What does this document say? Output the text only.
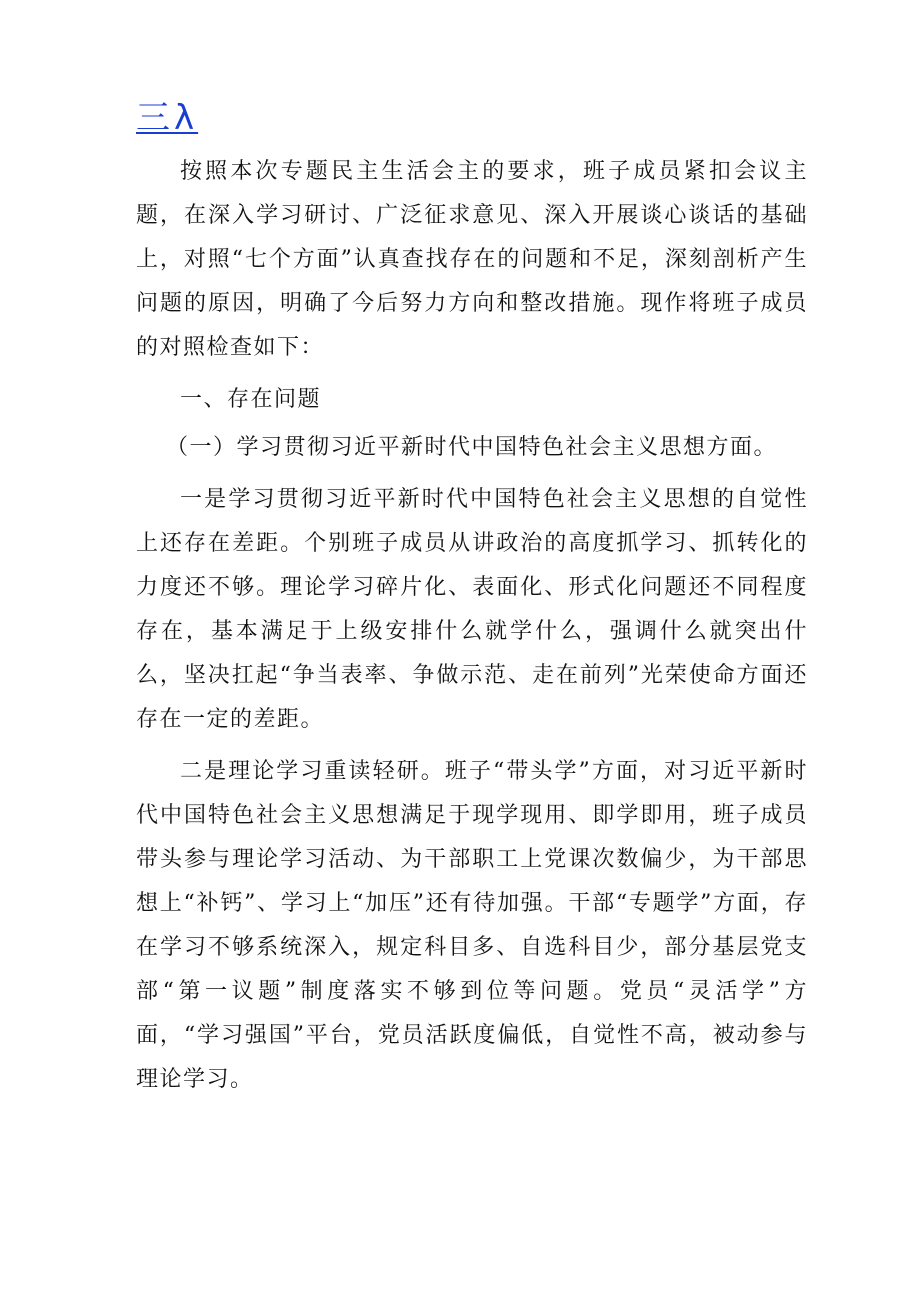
三λ

按照本次专题民主生活会主的要求，班子成员紧扣会议主题，在深入学习研讨、广泛征求意见、深入开展谈心谈话的基础上，对照“七个方面”认真查找存在的问题和不足，深刻剖析产生问题的原因，明确了今后努力方向和整改措施。现作将班子成员的对照检查如下：

一、存在问题

（一）学习贯彻习近平新时代中国特色社会主义思想方面。

一是学习贯彻习近平新时代中国特色社会主义思想的自觉性上还存在差距。个别班子成员从讲政治的高度抓学习、抓转化的力度还不够。理论学习碎片化、表面化、形式化问题还不同程度存在，基本满足于上级安排什么就学什么，强调什么就突出什么，坚决扛起“争当表率、争做示范、走在前列”光荣使命方面还存在一定的差距。

二是理论学习重读轻研。班子“带头学”方面，对习近平新时代中国特色社会主义思想满足于现学现用、即学即用，班子成员带头参与理论学习活动、为干部职工上党课次数偏少，为干部思想上“补钙”、学习上“加压”还有待加强。干部“专题学”方面，存在学习不够系统深入，规定科目多、自选科目少，部分基层党支部“第一议题”制度落实不够到位等问题。党员“灵活学”方面，“学习强国”平台，党员活跃度偏低，自觉性不高，被动参与理论学习。
